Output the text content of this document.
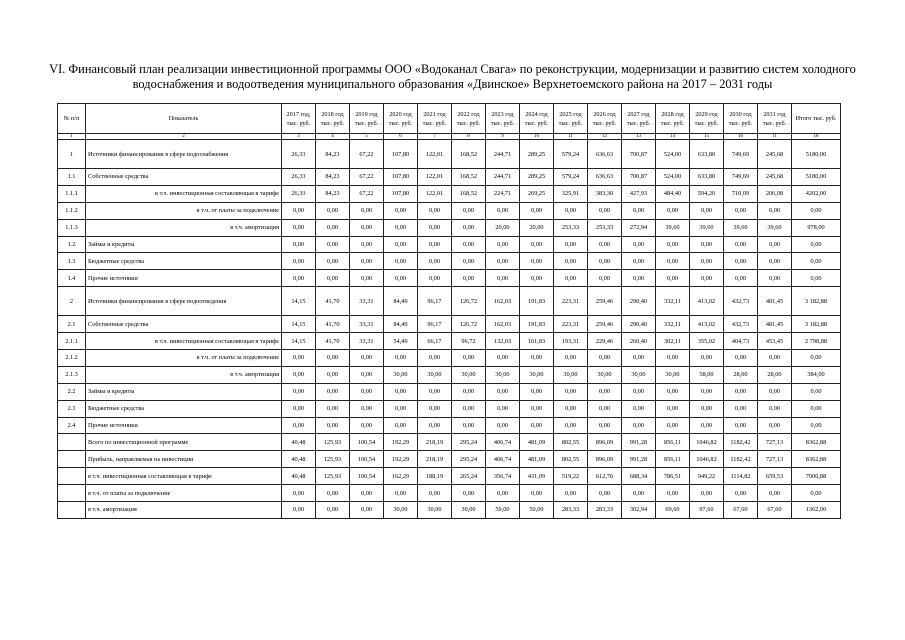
VI. Финансовый план реализации инвестиционной программы ООО «Водоканал Свага» по реконструкции, модернизации и развитию систем холодного водоснабжения и водоотведения муниципального образования «Двинское» Верхнетоемского района на 2017 – 2031 годы
№ п/п	Показатель	2017 год, тыс. руб.	2018 год тыс. руб.	2019 год тыс. руб.	2020 год тыс. руб.	2021 год тыс. руб.	2022 год тыс. руб.	2023 год тыс. руб.	2024 год тыс. руб.	2025 год тыс. руб.	2026 год тыс. руб.	2027 год тыс. руб.	2028 год тыс. руб.	2029 год тыс. руб.	2030 год тыс. руб.	2031 год тыс. руб.	Итого тыс. руб.
1	2	3	4	5	6	7	8	9	10	11	12	13	14	15	16	11	18
1	Источники финансирования в сфере водоснабжения	26,33	84,23	67,22	107,80	122,01	168,52	244,71	289,25	579,24	636,63	700,87	524,00	633,80	749,69	245,68	5180,00
1.1	Собственные средства	26,33	84,23	67,22	107,80	122,01	168,52	244,71	289,25	579,24	636,63	700,87	524,00	633,80	749,69	245,68	5180,00
1.1.1	в т.ч. инвестиционная составляющая в тарифе	26,33	84,23	67,22	107,80	122,01	168,52	224,71	269,25	325,91	383,30	427,93	484,40	594,20	710,09	206,08	4202,00
1.1.2	в т.ч. от платы за подключение	0,00	0,00	0,00	0,00	0,00	0,00	0,00	0,00	0,00	0,00	0,00	0,00	0,00	0,00	0,00	0,00
1.1.3	в т.ч. амортизация	0,00	0,00	0,00	0,00	0,00	0,00	20,00	20,00	253,33	253,33	272,94	39,60	39,60	39,60	39,60	978,00
1.2	Займы и кредиты	0,00	0,00	0,00	0,00	0,00	0,00	0,00	0,00	0,00	0,00	0,00	0,00	0,00	0,00	0,00	0,00
1.3	Бюджетные средства	0,00	0,00	0,00	0,00	0,00	0,00	0,00	0,00	0,00	0,00	0,00	0,00	0,00	0,00	0,00	0,00
1.4	Прочие источники	0,00	0,00	0,00	0,00	0,00	0,00	0,00	0,00	0,00	0,00	0,00	0,00	0,00	0,00	0,00	0,00
2	Источники финансирования в сфере водоотведения	14,15	41,70	33,31	84,49	96,17	126,72	162,03	191,83	223,31	259,46	290,40	332,11	413,02	432,73	481,45	3 182,88
2.1	Собственные средства	14,15	41,70	33,31	84,49	96,17	126,72	162,03	191,83	223,31	259,46	290,40	332,11	413,02	432,73	481,45	3 182,88
2.1.1	в т.ч. инвестиционная составляющая в тарифе	14,15	41,70	33,31	54,49	66,17	96,72	132,03	161,83	193,31	229,46	260,40	302,11	355,02	404,73	453,45	2 798,88
2.1.2	в т.ч. от платы за подключение	0,00	0,00	0,00	0,00	0,00	0,00	0,00	0,00	0,00	0,00	0,00	0,00	0,00	0,00	0,00	0,00
2.1.3	в т.ч. амортизация	0,00	0,00	0,00	30,00	30,00	30,00	30,00	30,00	30,00	30,00	30,00	30,00	58,00	28,00	28,00	384,00
2.2	Займы и кредиты	0,00	0,00	0,00	0,00	0,00	0,00	0,00	0,00	0,00	0,00	0,00	0,00	0,00	0,00	0,00	0,00
2.3	Бюджетные средства	0,00	0,00	0,00	0,00	0,00	0,00	0,00	0,00	0,00	0,00	0,00	0,00	0,00	0,00	0,00	0,00
2.4	Прочие источники	0,00	0,00	0,00	0,00	0,00	0,00	0,00	0,00	0,00	0,00	0,00	0,00	0,00	0,00	0,00	0,00
	Всего по инвестиционной программе	40,48	125,93	100,54	192,29	218,19	295,24	406,74	481,09	802,55	896,09	991,28	856,11	1046,82	1182,42	727,13	8362,88
	Прибыль, направляемая на инвестиции	40,48	125,93	100,54	192,29	218,19	295,24	406,74	481,09	802,55	896,09	991,28	856,11	1046,82	1182,42	727,13	8362,88
	в т.ч. инвестиционная составляющая в тарифе	40,48	125,93	100,54	162,29	188,19	265,24	356,74	431,09	519,22	612,76	688,34	786,51	949,22	1114,82	659,53	7000,88
	в т.ч. от платы за подключение	0,00	0,00	0,00	0,00	0,00	0,00	0,00	0,00	0,00	0,00	0,00	0,00	0,00	0,00	0,00	0,00
	в т.ч. амортизация	0,00	0,00	0,00	30,00	30,00	30,00	50,00	50,00	283,33	283,33	302,94	69,60	97,60	67,60	67,60	1362,00
